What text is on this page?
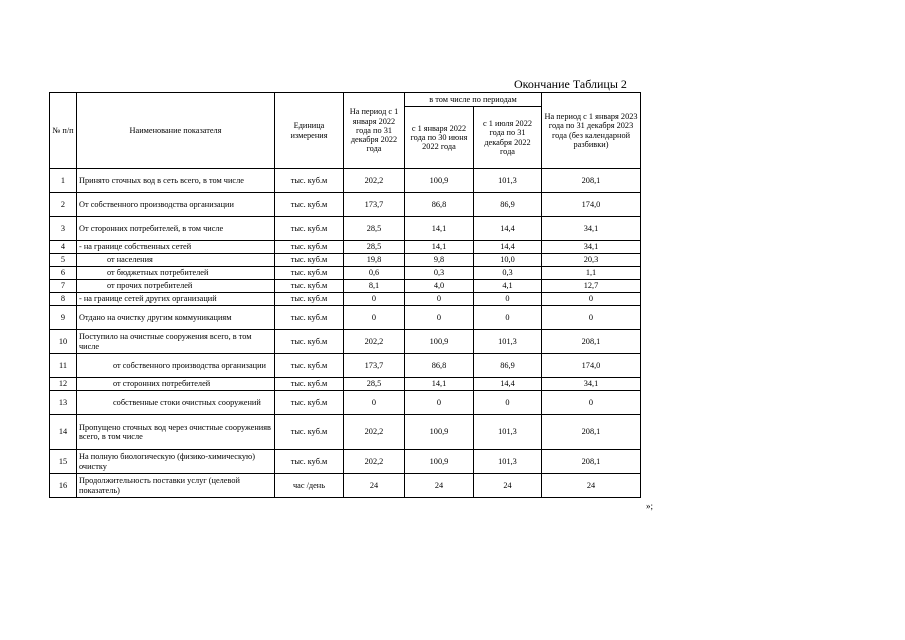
Окончание Таблицы 2
№ п/п	Наименование показателя	Единица измерения	На период с 1 января 2022 года по 31 декабря 2022 года	в том числе по периодам		На период с 1 января 2023 года по 31 декабря 2023 года (без календарной разбивки)
				с 1 января 2022 года по 30 июня 2022 года	с 1 июля 2022 года по 31 декабря 2022 года	
1	Принято сточных вод в сеть всего, в том числе	тыс. куб.м	202,2	100,9	101,3	208,1
2	От собственного производства организации	тыс. куб.м	173,7	86,8	86,9	174,0
3	От сторонних потребителей, в том числе	тыс. куб.м	28,5	14,1	14,4	34,1
4	- на границе собственных сетей	тыс. куб.м	28,5	14,1	14,4	34,1
5	от населения	тыс. куб.м	19,8	9,8	10,0	20,3
6	от бюджетных потребителей	тыс. куб.м	0,6	0,3	0,3	1,1
7	от прочих потребителей	тыс. куб.м	8,1	4,0	4,1	12,7
8	- на границе сетей других организаций	тыс. куб.м	0	0	0	0
9	Отдано на очистку другим коммуникациям	тыс. куб.м	0	0	0	0
10	Поступило на очистные сооружения всего, в том числе	тыс. куб.м	202,2	100,9	101,3	208,1
11	от собственного производства организации	тыс. куб.м	173,7	86,8	86,9	174,0
12	от сторонних потребителей	тыс. куб.м	28,5	14,1	14,4	34,1
13	собственные стоки очистных сооружений	тыс. куб.м	0	0	0	0
14	Пропущено сточных вод через очистные сооруженияв всего, в том числе	тыс. куб.м	202,2	100,9	101,3	208,1
15	На полную биологическую (физико-химическую) очистку	тыс. куб.м	202,2	100,9	101,3	208,1
16	Продолжительность поставки услуг (целевой показатель)	час /день	24	24	24	24
»;
